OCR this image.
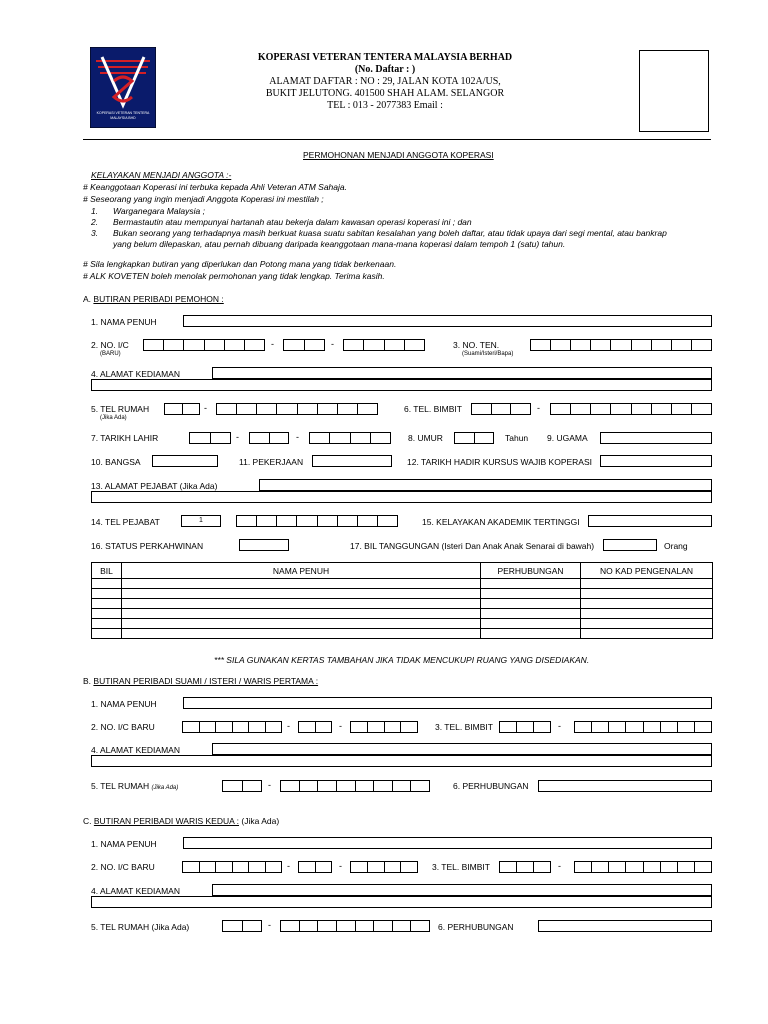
KOPERASI VETERAN TENTERA MALAYSIA BHD
KOPERASI VETERAN TENTERA MALAYSIA BERHAD
(No. Daftar : )
ALAMAT DAFTAR : NO : 29, JALAN KOTA 102A/US,
BUKIT JELUTONG. 401500 SHAH ALAM. SELANGOR
TEL : 013 - 2077383 Email :
PERMOHONAN MENJADI ANGGOTA KOPERASI
KELAYAKAN MENJADI ANGGOTA :-
# Keanggotaan Koperasi ini terbuka kepada Ahli Veteran ATM Sahaja.
# Seseorang yang ingin menjadi Anggota Koperasi ini mestilah ;
1. Warganegara Malaysia ;
2. Bermastautin atau mempunyai hartanah atau bekerja dalam kawasan operasi koperasi ini ; dan
3. Bukan seorang yang terhadapnya masih berkuat kuasa suatu sabitan kesalahan yang boleh daftar, atau tidak upaya dari segi mental, atau bankrap
yang belum dilepaskan, atau pernah dibuang daripada keanggotaan mana-mana koperasi dalam tempoh 1 (satu) tahun.
# Sila lengkapkan butiran yang diperlukan dan Potong mana yang tidak berkenaan.
# ALK KOVETEN boleh menolak permohonan yang tidak lengkap. Terima kasih.
A. BUTIRAN PERIBADI PEMOHON :
1. NAMA PENUH
2. NO. I/C
(BARU)
-	-	3. NO. TEN.
(Suami/Isteri/Bapa)
4. ALAMAT KEDIAMAN
5. TEL RUMAH
(Jika Ada)
-	6. TEL. BIMBIT	-
7. TARIKH LAHIR	-	-	8. UMUR	Tahun 9. UGAMA
10. BANGSA	11. PEKERJAAN	12. TARIKH HADIR KURSUS WAJIB KOPERASI
13. ALAMAT PEJABAT (Jika Ada)
14. TEL PEJABAT	1	15. KELAYAKAN AKADEMIK TERTINGGI
16. STATUS PERKAHWINAN	17. BIL TANGGUNGAN (Isteri Dan Anak Anak Senarai di bawah)	Orang
BIL	NAMA PENUH	PERHUBUNGAN	NO KAD PENGENALAN

*** SILA GUNAKAN KERTAS TAMBAHAN JIKA TIDAK MENCUKUPI RUANG YANG DISEDIAKAN.
B. BUTIRAN PERIBADI SUAMI / ISTERI / WARIS PERTAMA :
1. NAMA PENUH
2. NO. I/C BARU	-	-	3. TEL. BIMBIT	-
4. ALAMAT KEDIAMAN
5. TEL RUMAH (Jika Ada)	-	6. PERHUBUNGAN
C. BUTIRAN PERIBADI WARIS KEDUA : (Jika Ada)
1. NAMA PENUH
2. NO. I/C BARU	-	-	3. TEL. BIMBIT	-
4. ALAMAT KEDIAMAN
5. TEL RUMAH (Jika Ada)	-	6. PERHUBUNGAN
